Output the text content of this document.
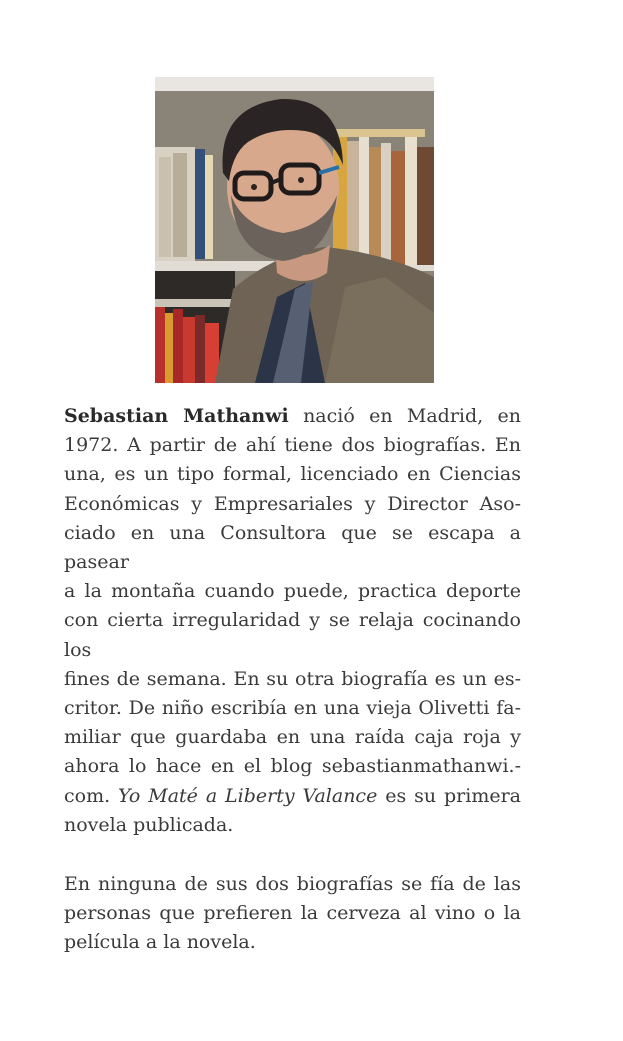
Sebastian Mathanwi nació en Madrid, en
1972. A partir de ahí tiene dos biografías. En
una, es un tipo formal, licenciado en Ciencias
Económicas y Empresariales y Director Aso-
ciado en una Consultora que se escapa a pasear
a la montaña cuando puede, practica deporte
con cierta irregularidad y se relaja cocinando los
fines de semana. En su otra biografía es un es-
critor. De niño escribía en una vieja Olivetti fa-
miliar que guardaba en una raída caja roja y
ahora lo hace en el blog sebastianmathanwi.-
com. Yo Maté a Liberty Valance es su primera
novela publicada.

En ninguna de sus dos biografías se fía de las
personas que prefieren la cerveza al vino o la
película a la novela.
